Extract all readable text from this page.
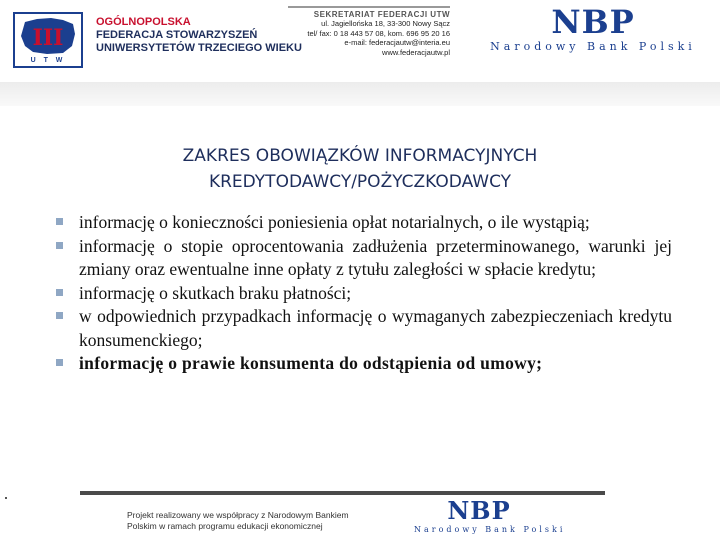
III
U T W
OGÓLNOPOLSKA
FEDERACJA STOWARZYSZEŃ
UNIWERSYTETÓW TRZECIEGO WIEKU
SEKRETARIAT FEDERACJI UTW
ul. Jagiellońska 18, 33-300 Nowy Sącz
tel/ fax: 0 18 443 57 08, kom. 696 95 20 16
e-mail: federacjautw@interia.eu
www.federacjautw.pl
NBP
Narodowy Bank Polski
ZAKRES OBOWIĄZKÓW INFORMACYJNYCH
KREDYTODAWCY/POŻYCZKODAWCY
informację o konieczności poniesienia opłat notarialnych, o ile wystąpią;
informację o stopie oprocentowania zadłużenia przeterminowanego, warunki jej zmiany oraz ewentualne inne opłaty z tytułu zaległości w spłacie kredytu;
informację o skutkach braku płatności;
w odpowiednich przypadkach informację o wymaganych zabezpieczeniach kredytu konsumenckiego;
informację o prawie konsumenta do odstąpienia od umowy;
Projekt realizowany we współpracy z Narodowym Bankiem
Polskim w ramach programu edukacji ekonomicznej
NBP
Narodowy Bank Polski
